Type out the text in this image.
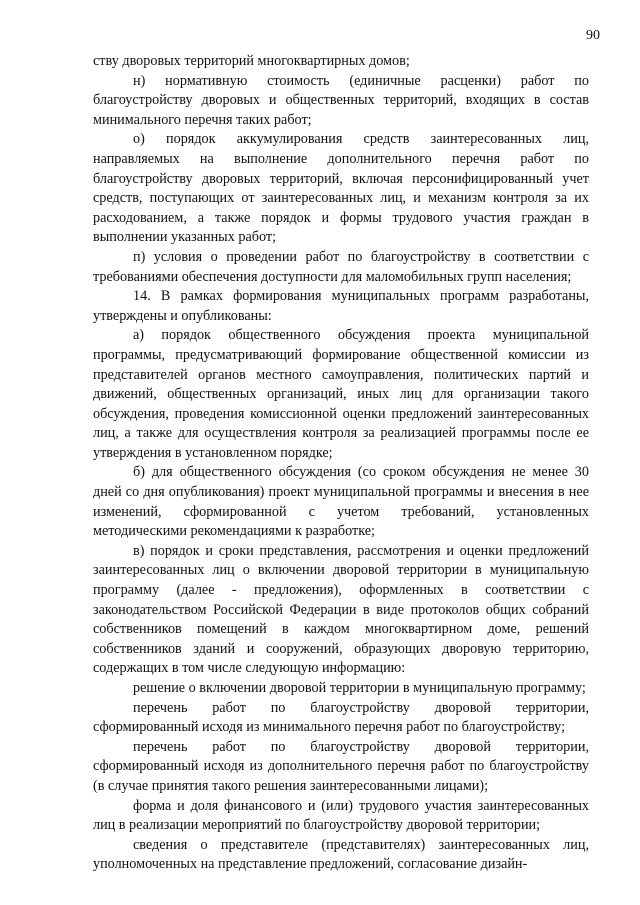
90

ству дворовых территорий многоквартирных домов;

н) нормативную стоимость (единичные расценки) работ по благоустройству дворовых и общественных территорий, входящих в состав минимального перечня таких работ;

о) порядок аккумулирования средств заинтересованных лиц, направляемых на выполнение дополнительного перечня работ по благоустройству дворовых территорий, включая персонифицированный учет средств, поступающих от заинтересованных лиц, и механизм контроля за их расходованием, а также порядок и формы трудового участия граждан в выполнении указанных работ;

п) условия о проведении работ по благоустройству в соответствии с требованиями обеспечения доступности для маломобильных групп населения;

14. В рамках формирования муниципальных программ разработаны, утверждены и опубликованы:

а) порядок общественного обсуждения проекта муниципальной программы, предусматривающий формирование общественной комиссии из представителей органов местного самоуправления, политических партий и движений, общественных организаций, иных лиц для организации такого обсуждения, проведения комиссионной оценки предложений заинтересованных лиц, а также для осуществления контроля за реализацией программы после ее утверждения в установленном порядке;

б) для общественного обсуждения (со сроком обсуждения не менее 30 дней со дня опубликования) проект муниципальной программы и внесения в нее изменений, сформированной с учетом требований, установленных методическими рекомендациями к разработке;

в) порядок и сроки представления, рассмотрения и оценки предложений заинтересованных лиц о включении дворовой территории в муниципальную программу (далее - предложения), оформленных в соответствии с законодательством Российской Федерации в виде протоколов общих собраний собственников помещений в каждом многоквартирном доме, решений собственников зданий и сооружений, образующих дворовую территорию, содержащих в том числе следующую информацию:

решение о включении дворовой территории в муниципальную программу;

перечень работ по благоустройству дворовой территории, сформированный исходя из минимального перечня работ по благоустройству;

перечень работ по благоустройству дворовой территории, сформированный исходя из дополнительного перечня работ по благоустройству (в случае принятия такого решения заинтересованными лицами);

форма и доля финансового и (или) трудового участия заинтересованных лиц в реализации мероприятий по благоустройству дворовой территории;

сведения о представителе (представителях) заинтересованных лиц, уполномоченных на представление предложений, согласование дизайн-
